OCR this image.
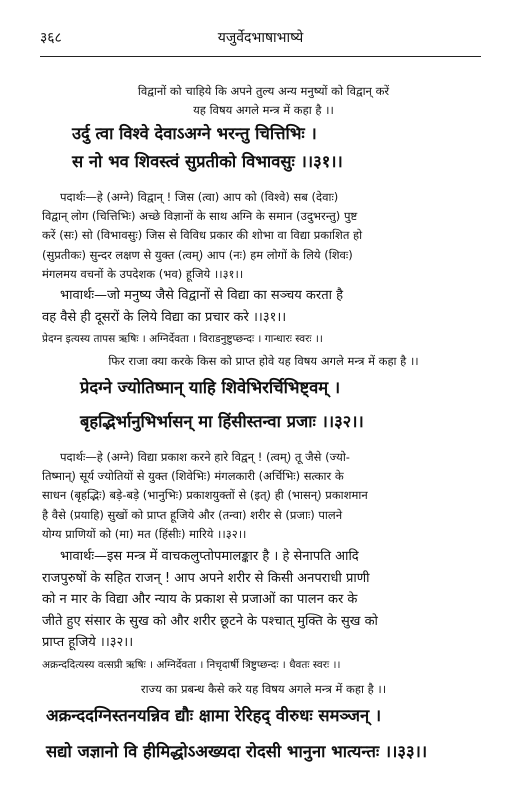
३६८	यजुर्वेदभाषाभाष्ये
विद्वानों को चाहिये कि अपने तुल्य अन्य मनुष्यों को विद्वान् करें
यह विषय अगले मन्त्र में कहा है ।।
उर्दु त्वा विश्वे देवाऽअग्ने भरन्तु चित्तिभिः ।
स नो भव शिवस्त्वं सुप्रतीको विभावसुः ।।३१।।
पदार्थः—हे (अग्ने) विद्वान् ! जिस (त्वा) आप को (विश्वे) सब (देवाः)
विद्वान् लोग (चित्तिभिः) अच्छे विज्ञानों के साथ अग्नि के समान (उदुभरन्तु) पुष्ट
करें (सः) सो (विभावसुः) जिस से विविध प्रकार की शोभा वा विद्या प्रकाशित हो
(सुप्रतीकः) सुन्दर लक्षण से युक्त (त्वम्) आप (नः) हम लोगों के लिये (शिवः)
मंगलमय वचनों के उपदेशक (भव) हूजिये ।।३१।।
भावार्थः—जो मनुष्य जैसे विद्वानों से विद्या का सञ्चय करता है
वह वैसे ही दूसरों के लिये विद्या का प्रचार करे ।।३१।।
प्रेदग्न इत्यस्य तापस ऋषिः । अग्निर्देवता । विराडनुष्टुप्छन्दः । गान्धारः स्वरः ।।
फिर राजा क्या करके किस को प्राप्त होवे यह विषय अगले मन्त्र में कहा है ।।
प्रेदग्ने ज्योतिष्मान् याहि शिवेभिरर्चिभिष्ट्वम् ।
बृहद्भिर्भानुभिर्भासन् मा हिंसीस्तन्वा प्रजाः ।।३२।।
पदार्थः—हे (अग्ने) विद्या प्रकाश करने हारे विद्वन् ! (त्वम्) तू जैसे (ज्यो-
तिष्मान्) सूर्य ज्योतियों से युक्त (शिवेभिः) मंगलकारी (अर्चिभिः) सत्कार के
साधन (बृहद्भिः) बड़े-बड़े (भानुभिः) प्रकाशयुक्तों से (इत्) ही (भासन्) प्रकाशमान
है वैसे (प्रयाहि) सुखों को प्राप्त हूजिये और (तन्वा) शरीर से (प्रजाः) पालने
योग्य प्राणियों को (मा) मत (हिंसीः) मारिये ।।३२।।
भावार्थः—इस मन्त्र में वाचकलुप्तोपमालङ्कार है । हे सेनापति आदि
राजपुरुषों के सहित राजन् ! आप अपने शरीर से किसी अनपराधी प्राणी
को न मार के विद्या और न्याय के प्रकाश से प्रजाओं का पालन कर के
जीते हुए संसार के सुख को और शरीर छूटने के पश्चात् मुक्ति के सुख को
प्राप्त हूजिये ।।३२।।
अक्रन्ददित्यस्य वत्सप्री ऋषिः । अग्निर्देवता । निचृदार्षी त्रिष्टुप्छन्दः । धैवतः स्वरः ।।
राज्य का प्रबन्ध कैसे करे यह विषय अगले मन्त्र में कहा है ।।
अक्रन्ददग्निस्तनयन्निव द्यौः क्षामा रेरिहद् वीरुधः समञ्जन् ।
सद्यो जज्ञानो वि हीमिद्धोऽअख्यदा रोदसी भानुना भात्यन्तः ।।३३।।
